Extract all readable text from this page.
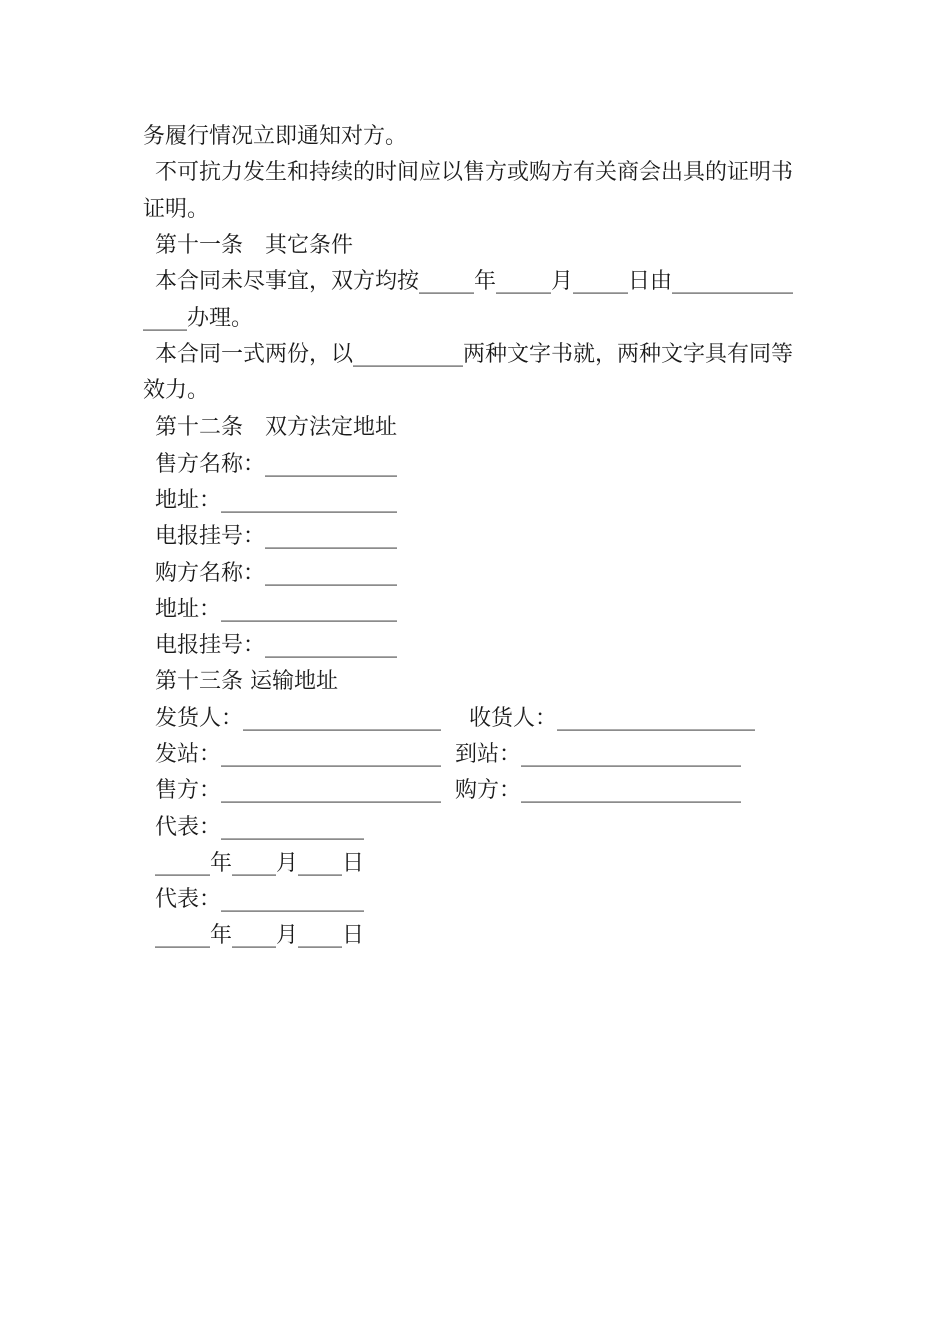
务履行情况立即通知对方。
不可抗力发生和持续的时间应以售方或购方有关商会出具的证明书
证明。
第十一条　其它条件
本合同未尽事宜，双方均按_____年_____月_____日由___________
____办理。
本合同一式两份，以__________两种文字书就，两种文字具有同等
效力。
第十二条　双方法定地址
售方名称：____________
地址：________________
电报挂号：____________
购方名称：____________
地址：________________
电报挂号：____________
第十三条 运输地址
发货人：__________________    收货人：__________________
发站：____________________  到站：____________________
售方：____________________  购方：____________________
代表：_____________
_____年____月____日
代表：_____________
_____年____月____日
